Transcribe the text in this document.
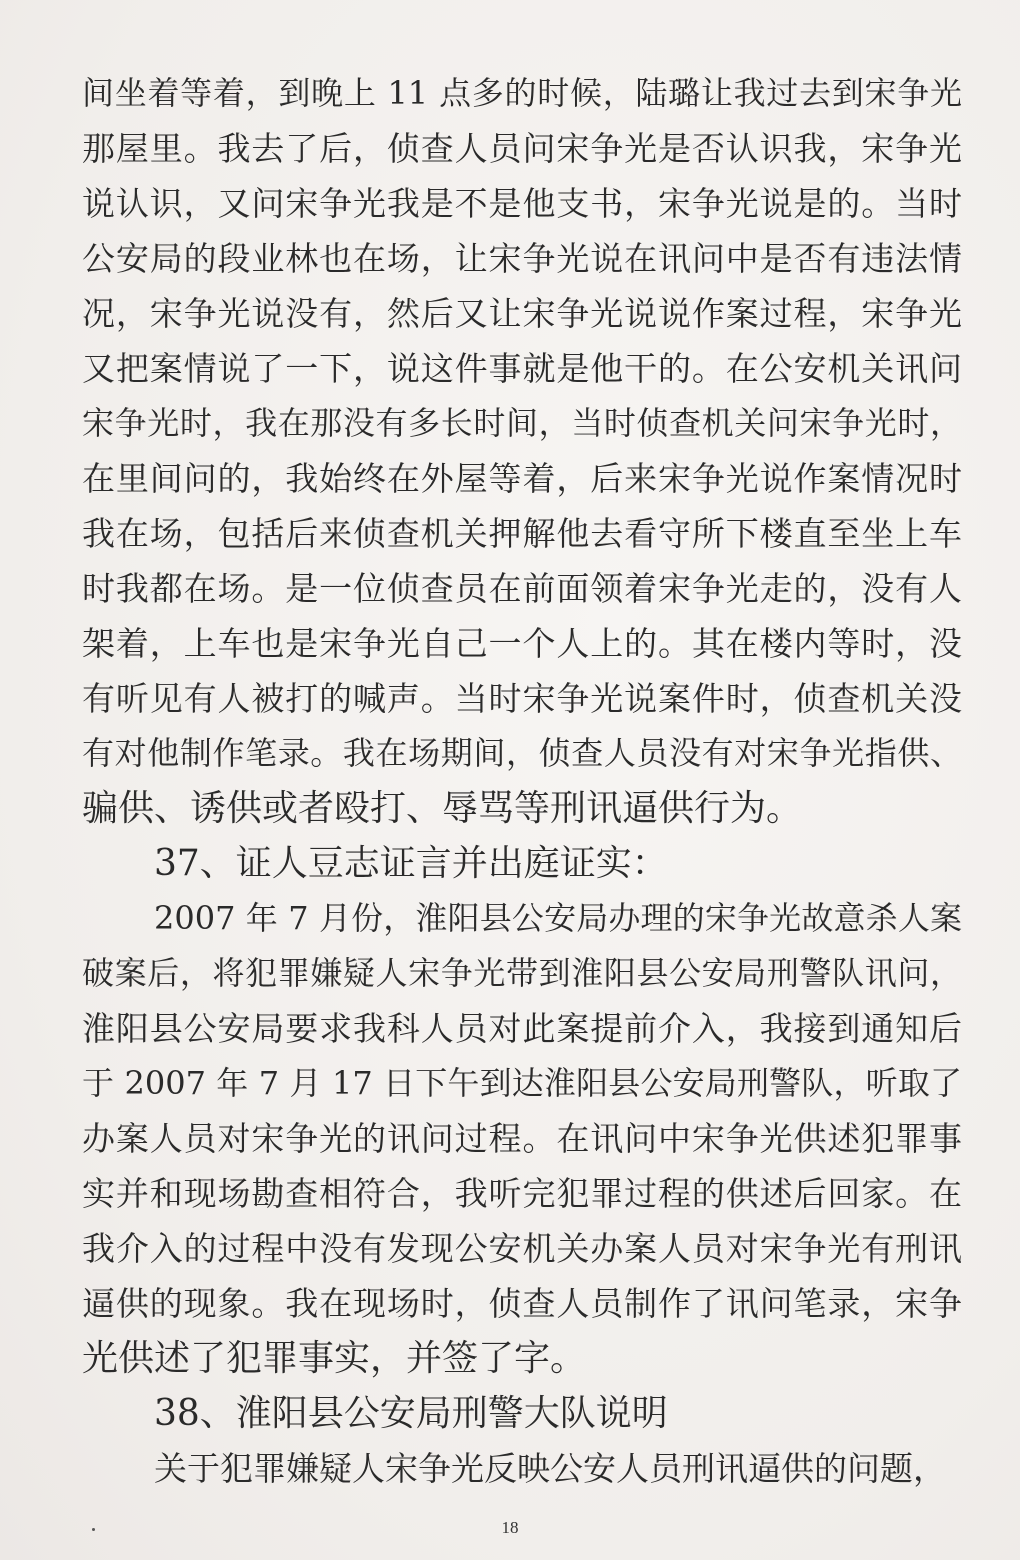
间坐着等着，到晚上 11 点多的时候，陆璐让我过去到宋争光
那屋里。我去了后，侦查人员问宋争光是否认识我，宋争光
说认识，又问宋争光我是不是他支书，宋争光说是的。当时
公安局的段业林也在场，让宋争光说在讯问中是否有违法情
况，宋争光说没有，然后又让宋争光说说作案过程，宋争光
又把案情说了一下，说这件事就是他干的。在公安机关讯问
宋争光时，我在那没有多长时间，当时侦查机关问宋争光时，
在里间问的，我始终在外屋等着，后来宋争光说作案情况时
我在场，包括后来侦查机关押解他去看守所下楼直至坐上车
时我都在场。是一位侦查员在前面领着宋争光走的，没有人
架着，上车也是宋争光自己一个人上的。其在楼内等时，没
有听见有人被打的喊声。当时宋争光说案件时，侦查机关没
有对他制作笔录。我在场期间，侦查人员没有对宋争光指供、
骗供、诱供或者殴打、辱骂等刑讯逼供行为。
37、证人豆志证言并出庭证实：
2007 年 7 月份，淮阳县公安局办理的宋争光故意杀人案
破案后，将犯罪嫌疑人宋争光带到淮阳县公安局刑警队讯问，
淮阳县公安局要求我科人员对此案提前介入，我接到通知后
于 2007 年 7 月 17 日下午到达淮阳县公安局刑警队，听取了
办案人员对宋争光的讯问过程。在讯问中宋争光供述犯罪事
实并和现场勘查相符合，我听完犯罪过程的供述后回家。在
我介入的过程中没有发现公安机关办案人员对宋争光有刑讯
逼供的现象。我在现场时，侦查人员制作了讯问笔录，宋争
光供述了犯罪事实，并签了字。
38、淮阳县公安局刑警大队说明
关于犯罪嫌疑人宋争光反映公安人员刑讯逼供的问题，
18
